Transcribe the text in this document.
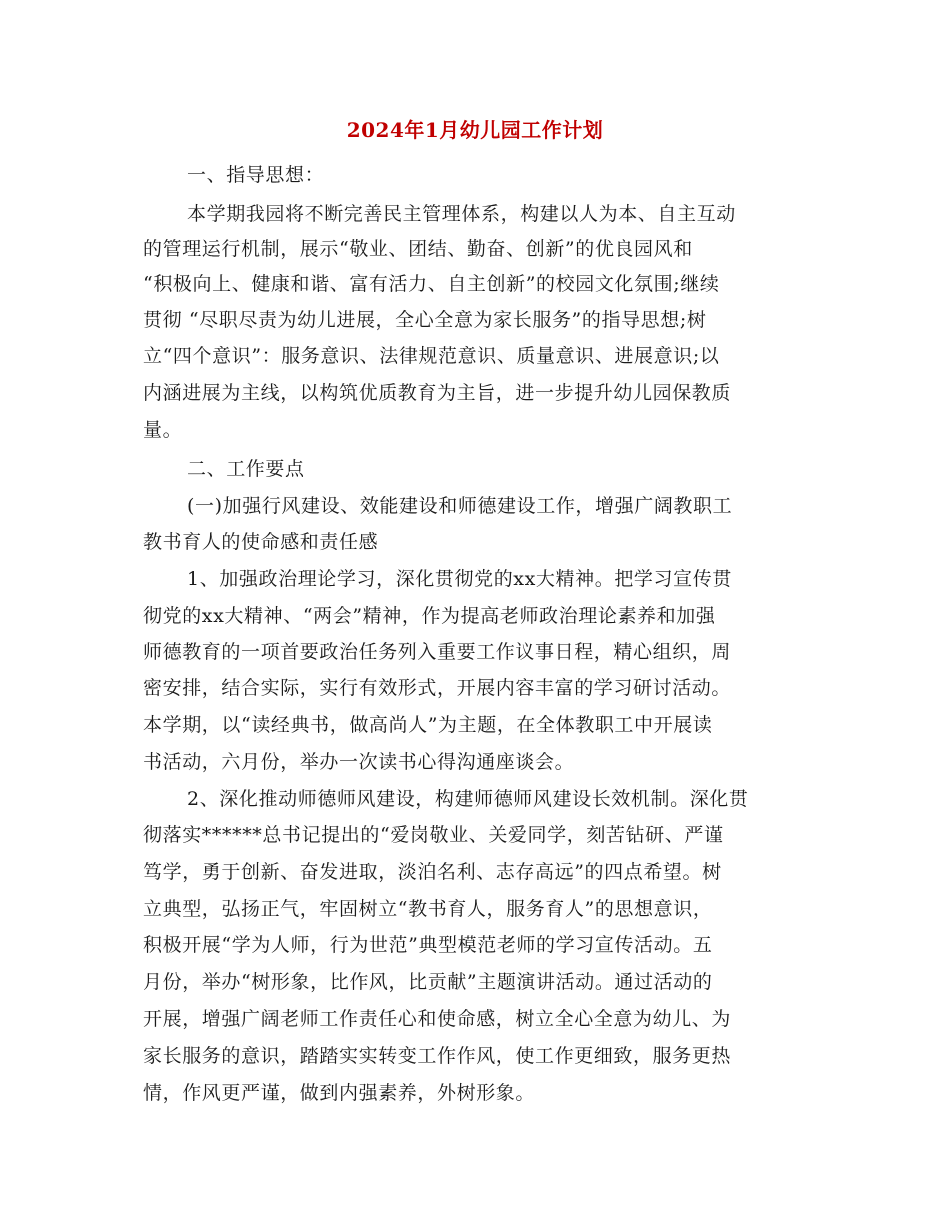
2024年1月幼儿园工作计划
一、指导思想：
本学期我园将不断完善民主管理体系，构建以人为本、自主互动
的管理运行机制，展示“敬业、团结、勤奋、创新”的优良园风和
“积极向上、健康和谐、富有活力、自主创新”的校园文化氛围;继续
贯彻 “尽职尽责为幼儿进展，全心全意为家长服务”的指导思想;树
立“四个意识”：服务意识、法律规范意识、质量意识、进展意识;以
内涵进展为主线，以构筑优质教育为主旨，进一步提升幼儿园保教质
量。
二、工作要点
(一)加强行风建设、效能建设和师德建设工作，增强广阔教职工
教书育人的使命感和责任感
1、加强政治理论学习，深化贯彻党的xx大精神。把学习宣传贯
彻党的xx大精神、“两会”精神，作为提高老师政治理论素养和加强
师德教育的一项首要政治任务列入重要工作议事日程，精心组织，周
密安排，结合实际，实行有效形式，开展内容丰富的学习研讨活动。
本学期，以“读经典书，做高尚人”为主题，在全体教职工中开展读
书活动，六月份，举办一次读书心得沟通座谈会。
2、深化推动师德师风建设，构建师德师风建设长效机制。深化贯
彻落实******总书记提出的“爱岗敬业、关爱同学，刻苦钻研、严谨
笃学，勇于创新、奋发进取，淡泊名利、志存高远”的四点希望。树
立典型，弘扬正气，牢固树立“教书育人，服务育人”的思想意识，
积极开展“学为人师，行为世范”典型模范老师的学习宣传活动。五
月份，举办“树形象，比作风，比贡献”主题演讲活动。通过活动的
开展，增强广阔老师工作责任心和使命感，树立全心全意为幼儿、为
家长服务的意识，踏踏实实转变工作作风，使工作更细致，服务更热
情，作风更严谨，做到内强素养，外树形象。
